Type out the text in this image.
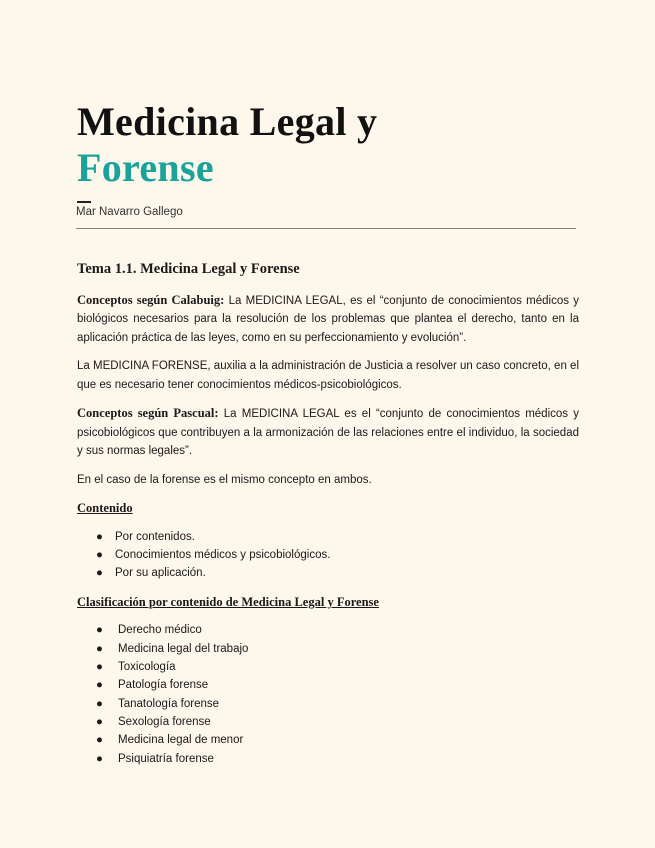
Medicina Legal y
Forense
Mar Navarro Gallego
Tema 1.1. Medicina Legal y Forense

Conceptos según Calabuig: La MEDICINA LEGAL, es el “conjunto de conocimientos médicos y biológicos necesarios para la resolución de los problemas que plantea el derecho, tanto en la aplicación práctica de las leyes, como en su perfeccionamiento y evolución”.

La MEDICINA FORENSE, auxilia a la administración de Justicia a resolver un caso concreto, en el que es necesario tener conocimientos médicos-psicobiológicos.

Conceptos según Pascual: La MEDICINA LEGAL es el “conjunto de conocimientos médicos y psicobiológicos que contribuyen a la armonización de las relaciones entre el individuo, la sociedad y sus normas legales”.

En el caso de la forense es el mismo concepto en ambos.

Contenido
● Por contenidos.
● Conocimientos médicos y psicobiológicos.
● Por su aplicación.
Clasificación por contenido de Medicina Legal y Forense
● Derecho médico
● Medicina legal del trabajo
● Toxicología
● Patología forense
● Tanatología forense
● Sexología forense
● Medicina legal de menor
● Psiquiatría forense
